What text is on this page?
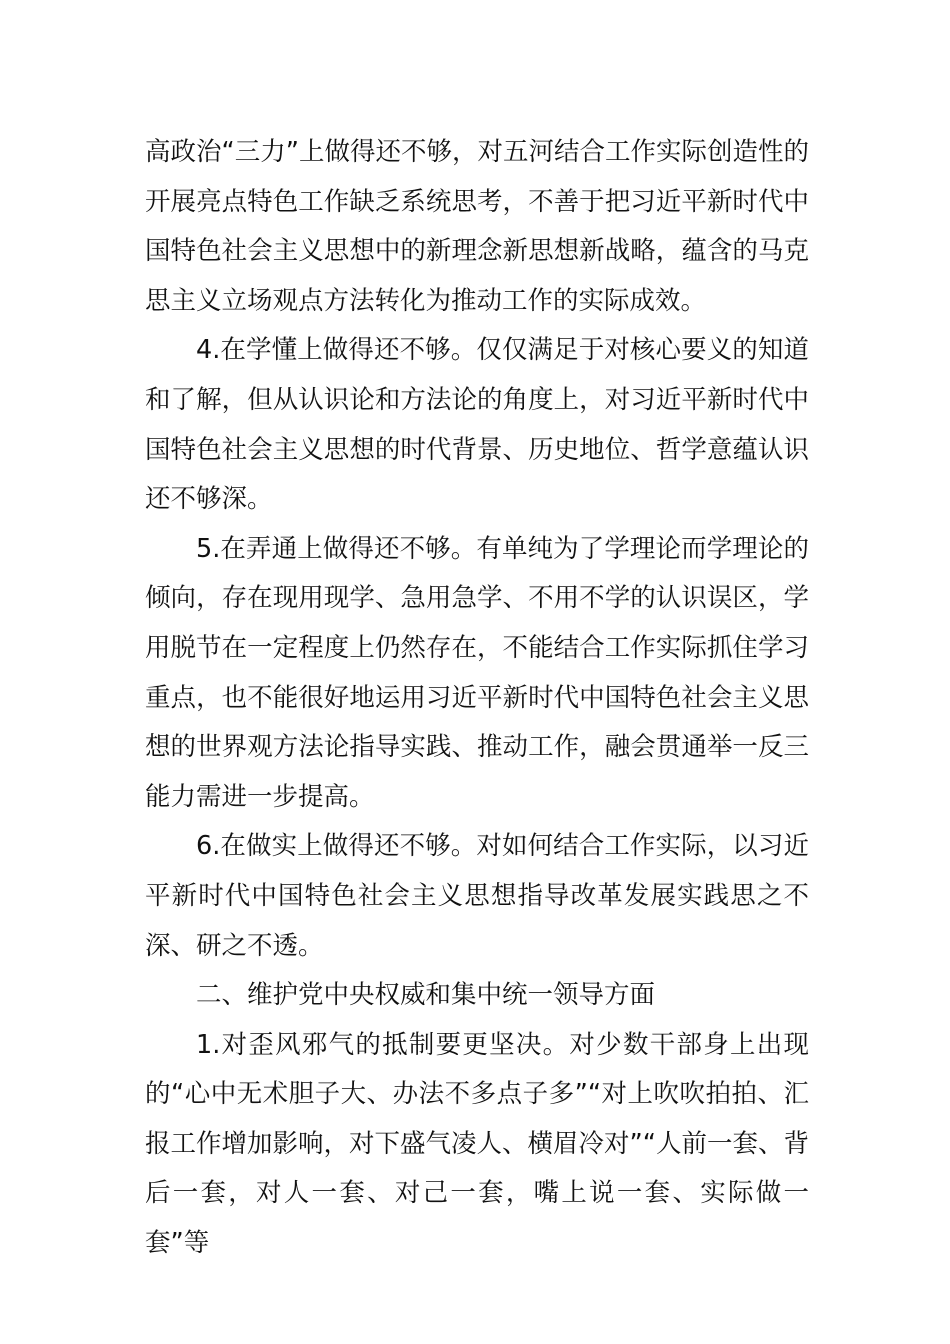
高政治“三力”上做得还不够，对五河结合工作实际创造性的开展亮点特色工作缺乏系统思考，不善于把习近平新时代中国特色社会主义思想中的新理念新思想新战略，蕴含的马克思主义立场观点方法转化为推动工作的实际成效。

4.在学懂上做得还不够。仅仅满足于对核心要义的知道和了解，但从认识论和方法论的角度上，对习近平新时代中国特色社会主义思想的时代背景、历史地位、哲学意蕴认识还不够深。

5.在弄通上做得还不够。有单纯为了学理论而学理论的倾向，存在现用现学、急用急学、不用不学的认识误区，学用脱节在一定程度上仍然存在，不能结合工作实际抓住学习重点，也不能很好地运用习近平新时代中国特色社会主义思想的世界观方法论指导实践、推动工作，融会贯通举一反三能力需进一步提高。

6.在做实上做得还不够。对如何结合工作实际，以习近平新时代中国特色社会主义思想指导改革发展实践思之不深、研之不透。

二、维护党中央权威和集中统一领导方面

1.对歪风邪气的抵制要更坚决。对少数干部身上出现的“心中无术胆子大、办法不多点子多”“对上吹吹拍拍、汇报工作增加影响，对下盛气凌人、横眉冷对”“人前一套、背后一套，对人一套、对己一套，嘴上说一套、实际做一套”等
